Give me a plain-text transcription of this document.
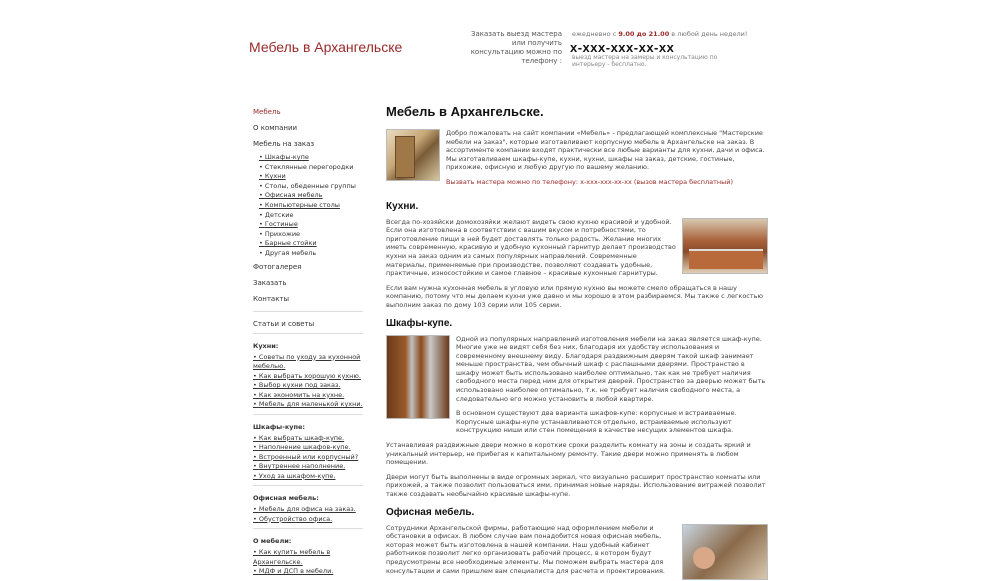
Мебель в Архангельске
Заказать выезд мастера или получить консультацию можно по телефону :
ежедневно с 9.00 до 21.00 в любой день недели!
x-xxx-xxx-xx-xx
выезд мастера на замеры и консультацию по интерьеру - бесплатно.
Мебель
О компании
Мебель на заказ
• Шкафы-купе
• Стеклянные перегородки
• Кухни
• Столы, обеденные группы
• Офисная мебель
• Компьютерные столы
• Детские
• Гостиные
• Прихожие
• Барные стойки
• Другая мебель
Фотогалерея
Заказать
Контакты
Статьи и советы
Кухни:
• Советы по уходу за кухонной мебелью.
• Как выбрать хорошую кухню.
• Выбор кухни под заказ.
• Как экономить на кухне.
• Мебель для маленькой кухни.
Шкафы-купе:
• Как выбрать шкаф-купе.
• Наполнение шкафов-купе.
• Встроенный или корпусный?
• Внутреннее наполнение.
• Уход за шкафом-купе.
Офисная мебель:
• Мебель для офиса на заказ.
• Обустройство офиса.
О мебели:
• Как купить мебель в Архангельске.
• МДФ и ДСП в мебели.
Мебель в Архангельске.

Добро пожаловать на сайт компании «Мебель» - предлагающей комплексные "Мастерские мебели на заказ", которые изготавливают корпусную мебель в Архангельске на заказ. В ассортименте компании входят практически все любые варианты для кухни, дачи и офиса. Мы изготавливаем шкафы-купе, кухни, кухни, шкафы на заказ, детские, гостиные, прихожие, офисную и любую другую по вашему желанию.

Вызвать мастера можно по телефону: x-xxx-xxx-xx-xx (вызов мастера бесплатный)

Кухни.

Всегда по-хозяйски домохозяйки желают видеть свою кухню красивой и удобной. Если она изготовлена в соответствии с вашим вкусом и потребностями, то приготовление пищи в ней будет доставлять только радость. Желание многих иметь современную, красивую и удобную кухонный гарнитур делает производство кухни на заказ одним из самых популярных направлений. Современные материалы, применяемые при производстве, позволяют создавать удобные, практичные, износостойкие и самое главное – красивые кухонные гарнитуры.

Если вам нужна кухонная мебель в угловую или прямую кухню вы можете смело обращаться в нашу компанию, потому что мы делаем кухни уже давно и мы хорошо в этом разбираемся. Мы также с легкостью выполним заказ по дому 103 серии или 105 серии.

Шкафы-купе.

Одной из популярных направлений изготовления мебели на заказ является шкаф-купе. Многие уже не видят себя без них, благодаря их удобству использования и современному внешнему виду. Благодаря раздвижным дверям такой шкаф занимает меньше пространства, чем обычный шкаф с распашными дверями. Пространство в шкафу может быть использовано наиболее оптимально, так как не требует наличия свободного места перед ним для открытия дверей. Пространство за дверью может быть использовано наиболее оптимально, т.к. не требует наличия свободного места, а следовательно его можно установить в любой квартире.

В основном существуют два варианта шкафов-купе: корпусные и встраиваемые. Корпусные шкафы-купе устанавливаются отдельно, встраиваемые используют конструкцию ниши или стен помещения в качестве несущих элементов шкафа.

Устанавливая раздвижные двери можно в короткие сроки разделить комнату на зоны и создать яркий и уникальный интерьер, не прибегая к капитальному ремонту. Такие двери можно применять в любом помещении.

Двери могут быть выполнены в виде огромных зеркал, что визуально расширит пространство комнаты или прихожей, а также позволит пользоваться ими, принимая новые наряды. Использование витражей позволит также создавать необычайно красивые шкафы-купе.

Офисная мебель.

Сотрудники Архангельской фирмы, работающие над оформлением мебели и обстановки в офисах. В любом случае вам понадобится новая офисная мебель, которая может быть изготовлена в нашей компании. Наш удобный кабинет работников позволит легко организовать рабочий процесс, в котором будут предусмотрены все необходимые элементы. Мы поможем выбрать мастера для консультации и сами пришлем вам специалиста для расчета и проектирования.
